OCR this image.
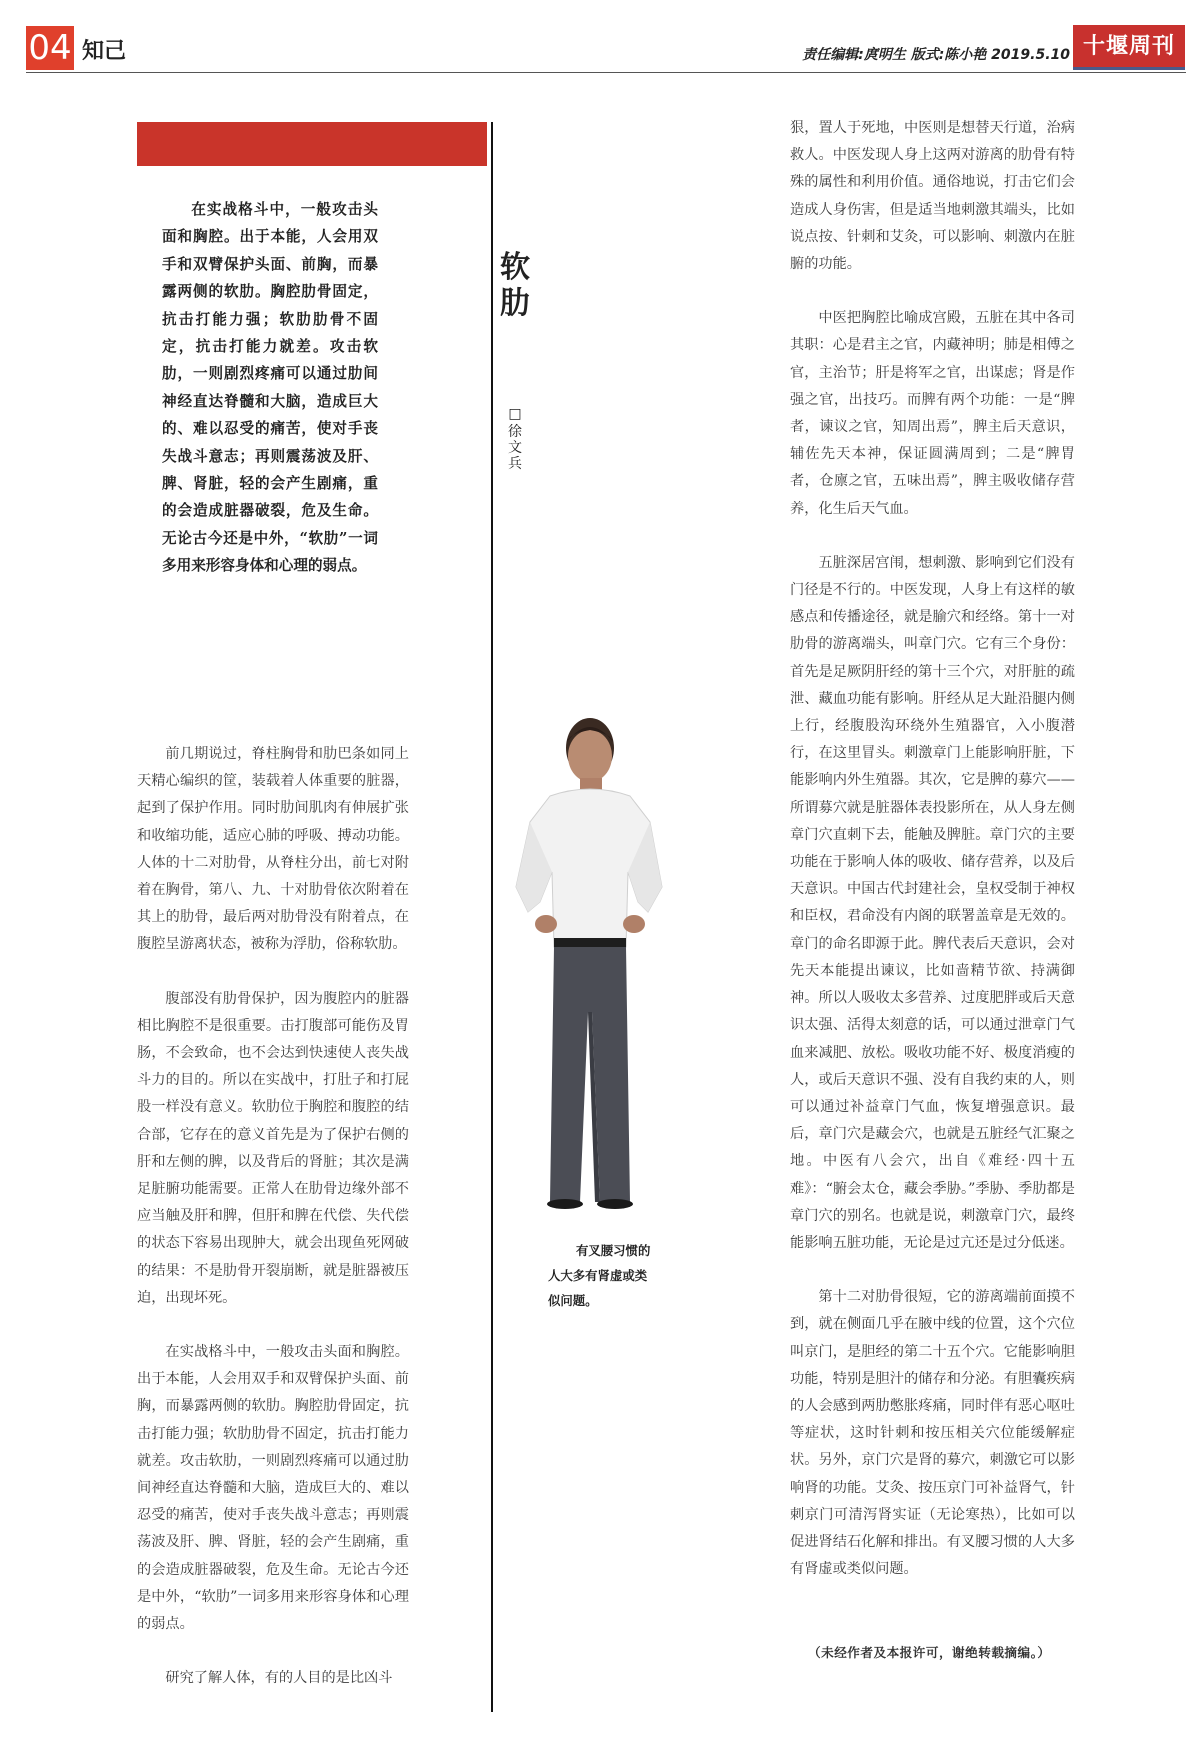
04 知己	责任编辑:庹明生 版式:陈小艳 2019.5.10 十堰周刊

在实战格斗中，一般攻击头面和胸腔。出于本能，人会用双手和双臂保护头面、前胸，而暴露两侧的软肋。胸腔肋骨固定，抗击打能力强；软肋肋骨不固定，抗击打能力就差。攻击软肋，一则剧烈疼痛可以通过肋间神经直达脊髓和大脑，造成巨大的、难以忍受的痛苦，使对手丧失战斗意志；再则震荡波及肝、脾、肾脏，轻的会产生剧痛，重的会造成脏器破裂，危及生命。无论古今还是中外，“软肋”一词多用来形容身体和心理的弱点。

软肋
□
徐文兵
有叉腰习惯的
人大多有肾虚或类
似问题。

前几期说过，脊柱胸骨和肋巴条如同上天精心编织的筐，装载着人体重要的脏器，起到了保护作用。同时肋间肌肉有伸展扩张和收缩功能，适应心肺的呼吸、搏动功能。人体的十二对肋骨，从脊柱分出，前七对附着在胸骨，第八、九、十对肋骨依次附着在其上的肋骨，最后两对肋骨没有附着点，在腹腔呈游离状态，被称为浮肋，俗称软肋。

腹部没有肋骨保护，因为腹腔内的脏器相比胸腔不是很重要。击打腹部可能伤及胃肠，不会致命，也不会达到快速使人丧失战斗力的目的。所以在实战中，打肚子和打屁股一样没有意义。软肋位于胸腔和腹腔的结合部，它存在的意义首先是为了保护右侧的肝和左侧的脾，以及背后的肾脏；其次是满足脏腑功能需要。正常人在肋骨边缘外部不应当触及肝和脾，但肝和脾在代偿、失代偿的状态下容易出现肿大，就会出现鱼死网破的结果：不是肋骨开裂崩断，就是脏器被压迫，出现坏死。

在实战格斗中，一般攻击头面和胸腔。出于本能，人会用双手和双臂保护头面、前胸，而暴露两侧的软肋。胸腔肋骨固定，抗击打能力强；软肋肋骨不固定，抗击打能力就差。攻击软肋，一则剧烈疼痛可以通过肋间神经直达脊髓和大脑，造成巨大的、难以忍受的痛苦，使对手丧失战斗意志；再则震荡波及肝、脾、肾脏，轻的会产生剧痛，重的会造成脏器破裂，危及生命。无论古今还是中外，“软肋”一词多用来形容身体和心理的弱点。

研究了解人体，有的人目的是比凶斗

狠，置人于死地，中医则是想替天行道，治病救人。中医发现人身上这两对游离的肋骨有特殊的属性和利用价值。通俗地说，打击它们会造成人身伤害，但是适当地刺激其端头，比如说点按、针刺和艾灸，可以影响、刺激内在脏腑的功能。

中医把胸腔比喻成宫殿，五脏在其中各司其职：心是君主之官，内藏神明；肺是相傅之官，主治节；肝是将军之官，出谋虑；肾是作强之官，出技巧。而脾有两个功能：一是“脾者，谏议之官，知周出焉”，脾主后天意识，辅佐先天本神，保证圆满周到；二是“脾胃者，仓廪之官，五味出焉”，脾主吸收储存营养，化生后天气血。

五脏深居宫闱，想刺激、影响到它们没有门径是不行的。中医发现，人身上有这样的敏感点和传播途径，就是腧穴和经络。第十一对肋骨的游离端头，叫章门穴。它有三个身份：首先是足厥阴肝经的第十三个穴，对肝脏的疏泄、藏血功能有影响。肝经从足大趾沿腿内侧上行，经腹股沟环绕外生殖器官，入小腹潜行，在这里冒头。刺激章门上能影响肝脏，下能影响内外生殖器。其次，它是脾的募穴——所谓募穴就是脏器体表投影所在，从人身左侧章门穴直刺下去，能触及脾脏。章门穴的主要功能在于影响人体的吸收、储存营养，以及后天意识。中国古代封建社会，皇权受制于神权和臣权，君命没有内阁的联署盖章是无效的。章门的命名即源于此。脾代表后天意识，会对先天本能提出谏议，比如啬精节欲、持满御神。所以人吸收太多营养、过度肥胖或后天意识太强、活得太刻意的话，可以通过泄章门气血来减肥、放松。吸收功能不好、极度消瘦的人，或后天意识不强、没有自我约束的人，则可以通过补益章门气血，恢复增强意识。最后，章门穴是藏会穴，也就是五脏经气汇聚之地。中医有八会穴，出自《难经·四十五难》：“腑会太仓，藏会季胁。”季胁、季肋都是章门穴的别名。也就是说，刺激章门穴，最终能影响五脏功能，无论是过亢还是过分低迷。

第十二对肋骨很短，它的游离端前面摸不到，就在侧面几乎在腋中线的位置，这个穴位叫京门，是胆经的第二十五个穴。它能影响胆功能，特别是胆汁的储存和分泌。有胆囊疾病的人会感到两肋憋胀疼痛，同时伴有恶心呕吐等症状，这时针刺和按压相关穴位能缓解症状。另外，京门穴是肾的募穴，刺激它可以影响肾的功能。艾灸、按压京门可补益肾气，针刺京门可清泻肾实证（无论寒热），比如可以促进肾结石化解和排出。有叉腰习惯的人大多有肾虚或类似问题。

（未经作者及本报许可，谢绝转载摘编。）
